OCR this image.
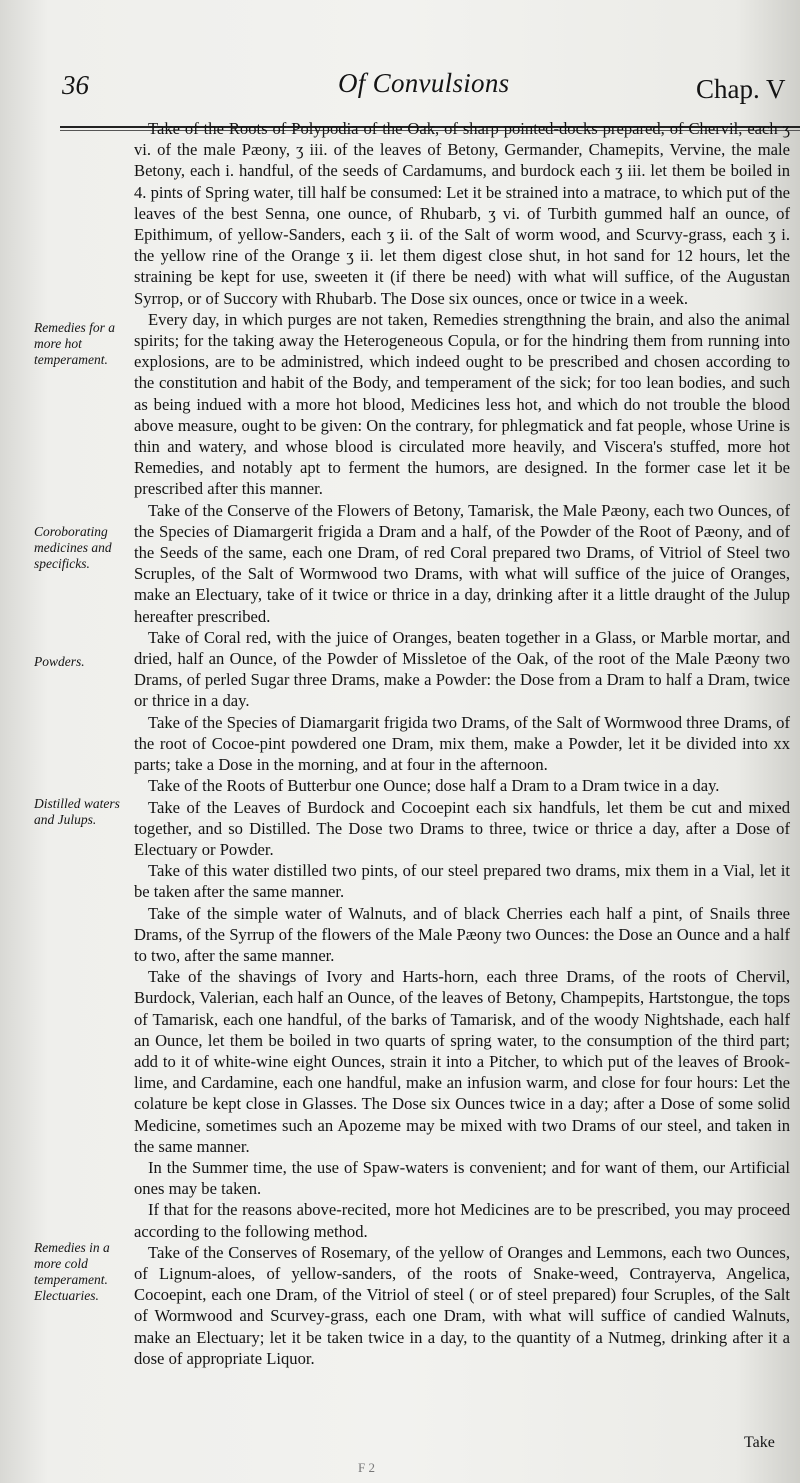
36	Of Convulsions	Chap. V
Remedies for a more hot temperament.
Coroborating medicines and specificks.
Powders.
Distilled waters and Julups.
Remedies in a more cold temperament. Electuaries.

Take of the Roots of Polypodia of the Oak, of sharp pointed-docks prepared, of Chervil, each ʒ vi. of the male Pæony, ʒ iii. of the leaves of Betony, Germander, Chamepits, Vervine, the male Betony, each i. handful, of the seeds of Cardamums, and burdock each ʒ iii. let them be boiled in 4. pints of Spring water, till half be consumed: Let it be strained into a matrace, to which put of the leaves of the best Senna, one ounce, of Rhubarb, ʒ vi. of Turbith gummed half an ounce, of Epithimum, of yellow-Sanders, each ʒ ii. of the Salt of worm wood, and Scurvy-grass, each ʒ i. the yellow rine of the Orange ʒ ii. let them digest close shut, in hot sand for 12 hours, let the straining be kept for use, sweeten it (if there be need) with what will suffice, of the Augustan Syrrop, or of Succory with Rhubarb. The Dose six ounces, once or twice in a week.

Every day, in which purges are not taken, Remedies strengthning the brain, and also the animal spirits; for the taking away the Heterogeneous Copula, or for the hindring them from running into explosions, are to be administred, which indeed ought to be prescribed and chosen according to the constitution and habit of the Body, and temperament of the sick; for too lean bodies, and such as being indued with a more hot blood, Medicines less hot, and which do not trouble the blood above measure, ought to be given: On the contrary, for phlegmatick and fat people, whose Urine is thin and watery, and whose blood is circulated more heavily, and Viscera's stuffed, more hot Remedies, and notably apt to ferment the humors, are designed. In the former case let it be prescribed after this manner.

Take of the Conserve of the Flowers of Betony, Tamarisk, the Male Pæony, each two Ounces, of the Species of Diamargerit frigida a Dram and a half, of the Powder of the Root of Pæony, and of the Seeds of the same, each one Dram, of red Coral prepared two Drams, of Vitriol of Steel two Scruples, of the Salt of Wormwood two Drams, with what will suffice of the juice of Oranges, make an Electuary, take of it twice or thrice in a day, drinking after it a little draught of the Julup hereafter prescribed.

Take of Coral red, with the juice of Oranges, beaten together in a Glass, or Marble mortar, and dried, half an Ounce, of the Powder of Missletoe of the Oak, of the root of the Male Pæony two Drams, of perled Sugar three Drams, make a Powder: the Dose from a Dram to half a Dram, twice or thrice in a day.

Take of the Species of Diamargarit frigida two Drams, of the Salt of Wormwood three Drams, of the root of Cocoe-pint powdered one Dram, mix them, make a Powder, let it be divided into xx parts; take a Dose in the morning, and at four in the afternoon.

Take of the Roots of Butterbur one Ounce; dose half a Dram to a Dram twice in a day.

Take of the Leaves of Burdock and Cocoepint each six handfuls, let them be cut and mixed together, and so Distilled. The Dose two Drams to three, twice or thrice a day, after a Dose of Electuary or Powder.

Take of this water distilled two pints, of our steel prepared two drams, mix them in a Vial, let it be taken after the same manner.

Take of the simple water of Walnuts, and of black Cherries each half a pint, of Snails three Drams, of the Syrrup of the flowers of the Male Pæony two Ounces: the Dose an Ounce and a half to two, after the same manner.

Take of the shavings of Ivory and Harts-horn, each three Drams, of the roots of Chervil, Burdock, Valerian, each half an Ounce, of the leaves of Betony, Champepits, Hartstongue, the tops of Tamarisk, each one handful, of the barks of Tamarisk, and of the woody Nightshade, each half an Ounce, let them be boiled in two quarts of spring water, to the consumption of the third part; add to it of white-wine eight Ounces, strain it into a Pitcher, to which put of the leaves of Brook-lime, and Cardamine, each one handful, make an infusion warm, and close for four hours: Let the colature be kept close in Glasses. The Dose six Ounces twice in a day; after a Dose of some solid Medicine, sometimes such an Apozeme may be mixed with two Drams of our steel, and taken in the same manner.

In the Summer time, the use of Spaw-waters is convenient; and for want of them, our Artificial ones may be taken.

If that for the reasons above-recited, more hot Medicines are to be prescribed, you may proceed according to the following method.

Take of the Conserves of Rosemary, of the yellow of Oranges and Lemmons, each two Ounces, of Lignum-aloes, of yellow-sanders, of the roots of Snake-weed, Contrayerva, Angelica, Cocoepint, each one Dram, of the Vitriol of steel ( or of steel prepared) four Scruples, of the Salt of Wormwood and Scurvey-grass, each one Dram, with what will suffice of candied Walnuts, make an Electuary; let it be taken twice in a day, to the quantity of a Nutmeg, drinking after it a dose of appropriate Liquor.

F 2
Take
